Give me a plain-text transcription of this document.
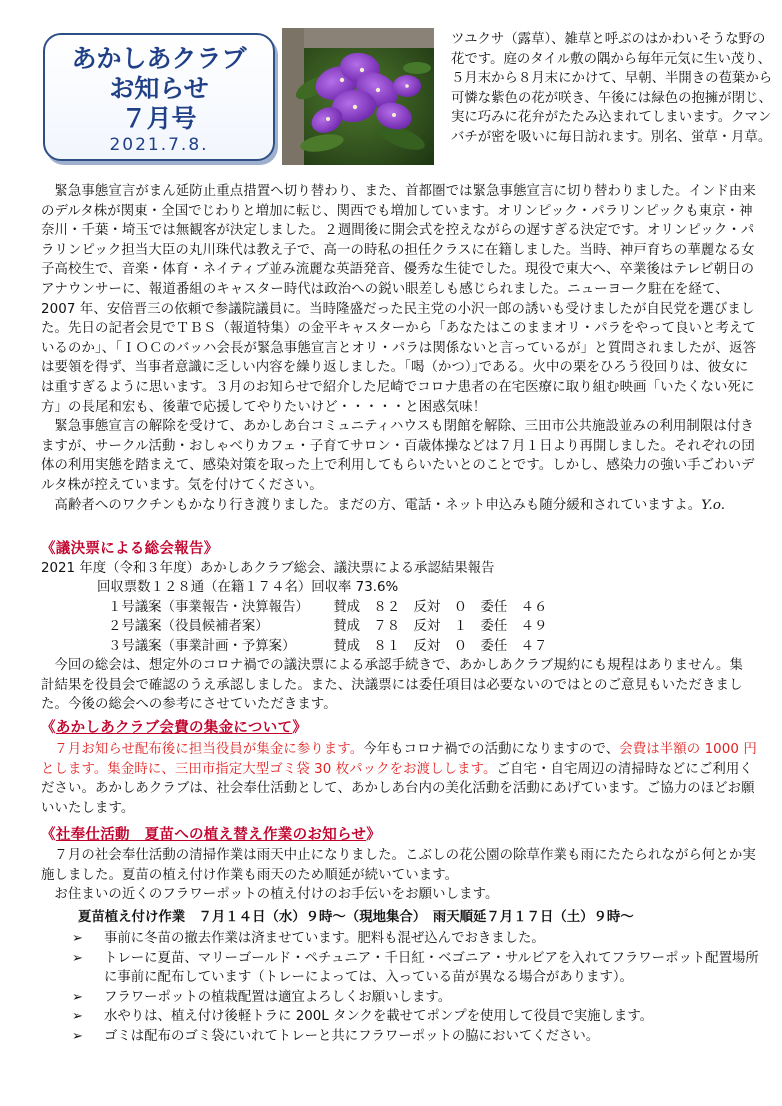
あかしあクラブ
お知らせ
７月号
2021.7.8.
ツユクサ（露草）、雑草と呼ぶのはかわいそうな野の花です。庭のタイル敷の隅から毎年元気に生い茂り、５月末から８月末にかけて、早朝、半開きの苞葉から可憐な紫色の花が咲き、午後には緑色の抱擁が閉じ、実に巧みに花弁がたたみ込まれてしまいます。クマンバチが密を吸いに毎日訪れます。別名、蛍草・月草。

緊急事態宣言がまん延防止重点措置へ切り替わり、また、首都圏では緊急事態宣言に切り替わりました。インド由来のデルタ株が関東・全国でじわりと増加に転じ、関西でも増加しています。オリンピック・パラリンピックも東京・神奈川・千葉・埼玉では無観客が決定しました。２週間後に開会式を控えながらの遅すぎる決定です。オリンピック・パラリンピック担当大臣の丸川珠代は教え子で、高一の時私の担任クラスに在籍しました。当時、神戸育ちの華麗なる女子高校生で、音楽・体育・ネイティブ並み流麗な英語発音、優秀な生徒でした。現役で東大へ、卒業後はテレビ朝日のアナウンサーに、報道番組のキャスター時代は政治への鋭い眼差しも感じられました。ニューヨーク駐在を経て、2007 年、安倍晋三の依頼で参議院議員に。当時隆盛だった民主党の小沢一郎の誘いも受けましたが自民党を選びました。先日の記者会見でＴＢＳ（報道特集）の金平キャスターから「あなたはこのままオリ・パラをやって良いと考えているのか」、「ＩＯＣのバッハ会長が緊急事態宣言とオリ・パラは関係ないと言っているが」と質問されましたが、返答は要領を得ず、当事者意識に乏しい内容を繰り返しました。｢喝（かつ）｣である。火中の栗をひろう役回りは、彼女には重すぎるように思います。３月のお知らせで紹介した尼崎でコロナ患者の在宅医療に取り組む映画「いたくない死に方」の長尾和宏も、後輩で応援してやりたいけど・・・・・と困惑気味！

緊急事態宣言の解除を受けて、あかしあ台コミュニティハウスも閉館を解除、三田市公共施設並みの利用制限は付きますが、サークル活動・おしゃべりカフェ・子育てサロン・百歳体操などは７月１日より再開しました。それぞれの団体の利用実態を踏まえて、感染対策を取った上で利用してもらいたいとのことです。しかし、感染力の強い手ごわいデルタ株が控えています。気を付けてください。

高齢者へのワクチンもかなり行き渡りました。まだの方、電話・ネット申込みも随分緩和されていますよ。Y.o.

《議決票による総会報告》
2021 年度（令和３年度）あかしあクラブ総会、議決票による承認結果報告
回収票数１２８通（在籍１７４名）回収率 73.6%
１号議案（事業報告・決算報告）　　 賛成　８２　反対　０　委任　４６
２号議案（役員候補者案）　　　　　 賛成　７８　反対　１　委任　４９
３号議案（事業計画・予算案）　　　 賛成　８１　反対　０　委任　４７

今回の総会は、想定外のコロナ禍での議決票による承認手続きで、あかしあクラブ規約にも規程はありません。集計結果を役員会で確認のうえ承認しました。また、決議票には委任項目は必要ないのではとのご意見もいただきました。今後の総会への参考にさせていただきます。

《あかしあクラブ会費の集金について》

７月お知らせ配布後に担当役員が集金に参ります。今年もコロナ禍での活動になりますので、会費は半額の 1000 円とします。集金時に、三田市指定大型ゴミ袋 30 枚パックをお渡しします。ご自宅・自宅周辺の清掃時などにご利用ください。あかしあクラブは、社会奉仕活動として、あかしあ台内の美化活動を活動にあげています。ご協力のほどお願いいたします。

《社奉仕活動　夏苗への植え替え作業のお知らせ》

７月の社会奉仕活動の清掃作業は雨天中止になりました。こぶしの花公園の除草作業も雨にたたられながら何とか実施しました。夏苗の植え付け作業も雨天のため順延が続いています。

お住まいの近くのフラワーポットの植え付けのお手伝いをお願いします。

夏苗植え付け作業　７月１４日（水）９時～（現地集合）　雨天順延７月１７日（土）９時～

➢ 事前に冬苗の撤去作業は済ませています。肥料も混ぜ込んでおきました。

➢ トレーに夏苗、マリーゴールド・ペチュニア・千日紅・ベゴニア・サルビアを入れてフラワーポット配置場所に事前に配布しています（トレーによっては、入っている苗が異なる場合があります）。

➢ フラワーポットの植栽配置は適宜よろしくお願いします。

➢ 水やりは、植え付け後軽トラに 200L タンクを載せてポンプを使用して役員で実施します。

➢ ゴミは配布のゴミ袋にいれてトレーと共にフラワーポットの脇においてください。
